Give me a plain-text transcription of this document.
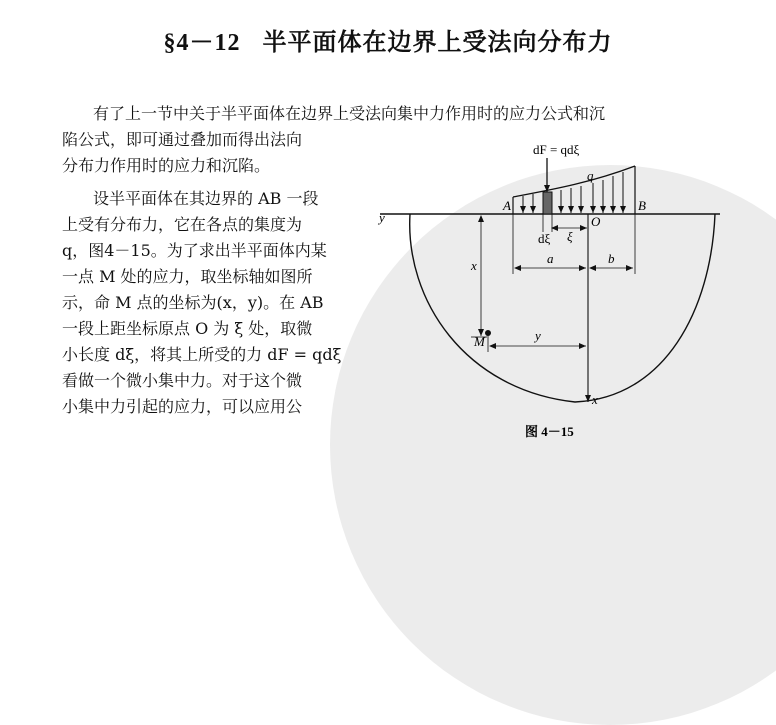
§4－12 半平面体在边界上受法向分布力
有了上一节中关于半平面体在边界上受法向集中力作用时的应力公式和沉
陷公式，即可通过叠加而得出法向
分布力作用时的应力和沉陷。
设半平面体在其边界的 AB 一段
上受有分布力，它在各点的集度为
q，图4－15。为了求出半平面体内某
一点 M 处的应力，取坐标轴如图所
示，命 M 点的坐标为(x，y)。在 AB
一段上距坐标原点 O 为 ξ 处，取微
小长度 dξ，将其上所受的力 dF = qdξ
看做一个微小集中力。对于这个微
小集中力引起的应力，可以应用公
dF = qdξ
q
A	B
O
y
dξ ξ
a	b
x
M	y
x
图 4－15
